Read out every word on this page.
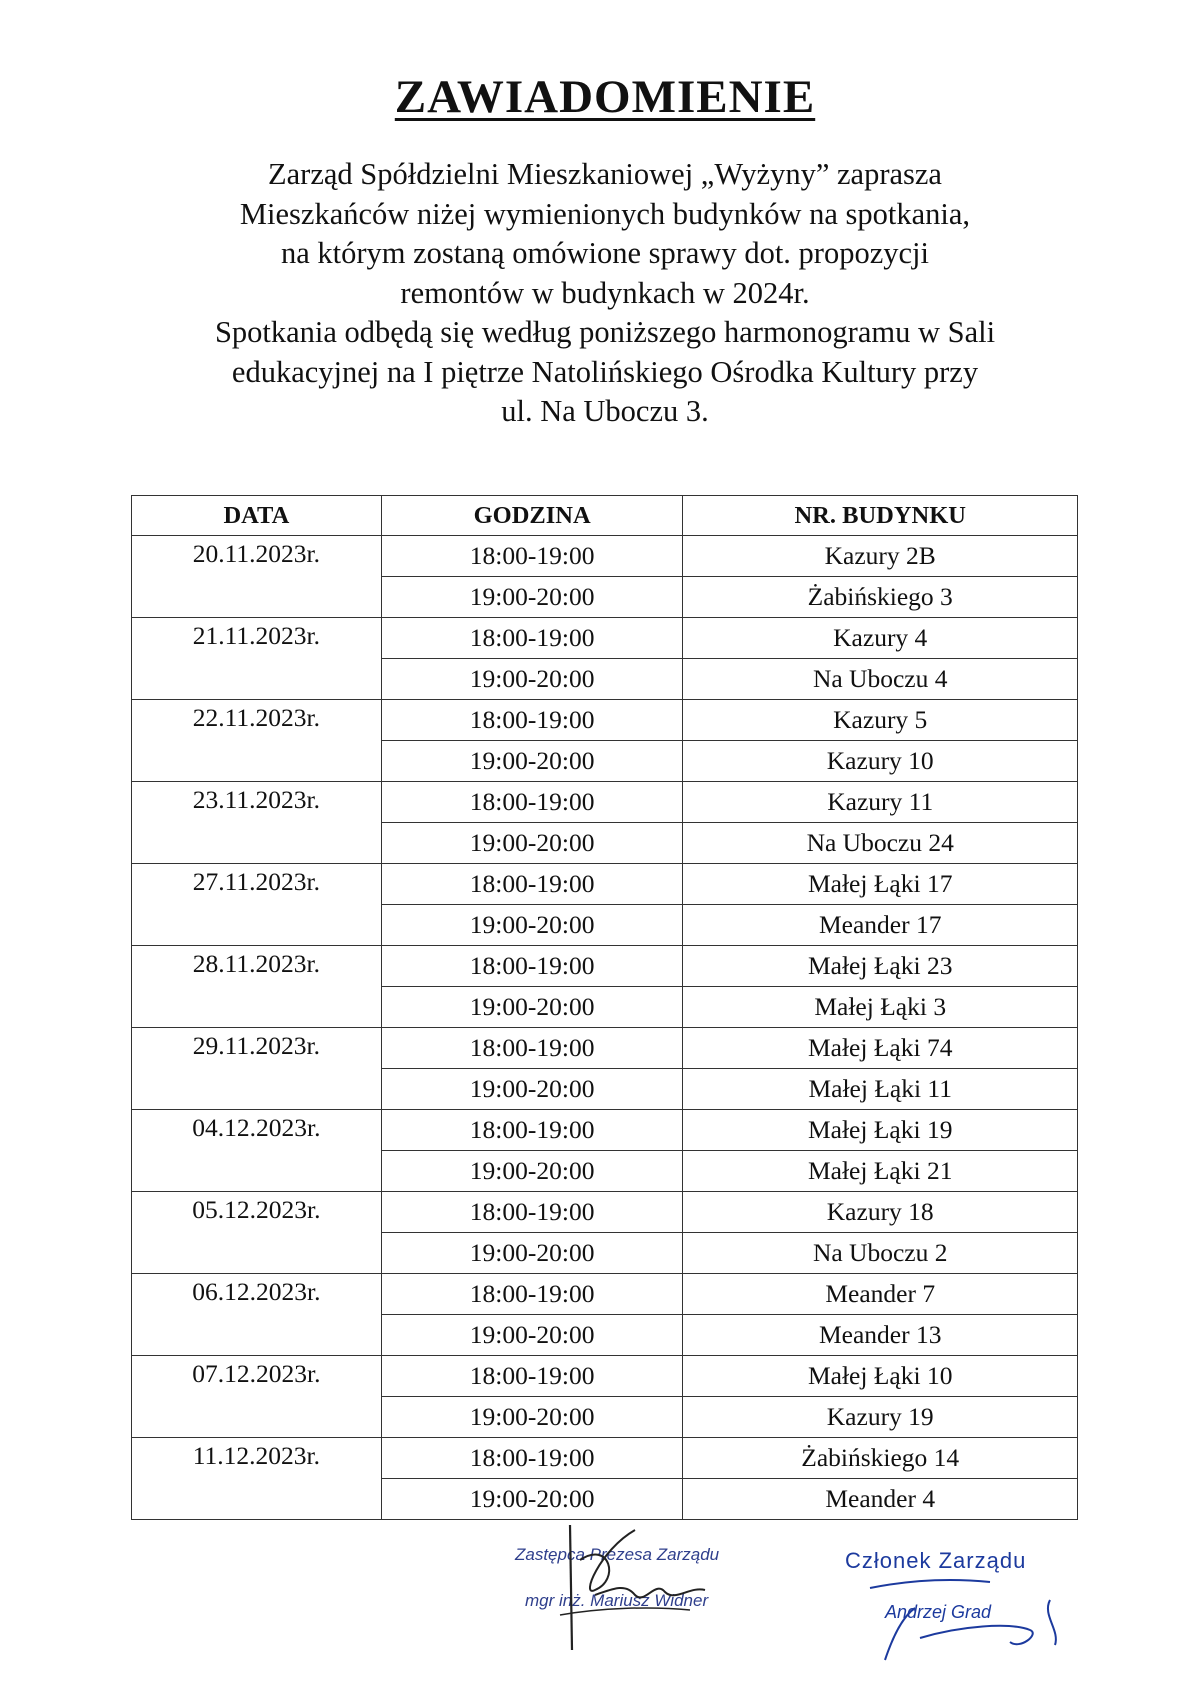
ZAWIADOMIENIE
Zarząd Spółdzielni Mieszkaniowej „Wyżyny” zaprasza
Mieszkańców niżej wymienionych budynków na spotkania,
na którym zostaną omówione sprawy dot. propozycji
remontów w budynkach w 2024r.
Spotkania odbędą się według poniższego harmonogramu w Sali
edukacyjnej na I piętrze Natolińskiego Ośrodka Kultury przy
ul. Na Uboczu 3.
DATA	GODZINA	NR. BUDYNKU
20.11.2023r.	18:00-19:00	Kazury 2B
	19:00-20:00	Żabińskiego 3
21.11.2023r.	18:00-19:00	Kazury 4
	19:00-20:00	Na Uboczu 4
22.11.2023r.	18:00-19:00	Kazury 5
	19:00-20:00	Kazury 10
23.11.2023r.	18:00-19:00	Kazury 11
	19:00-20:00	Na Uboczu 24
27.11.2023r.	18:00-19:00	Małej Łąki 17
	19:00-20:00	Meander 17
28.11.2023r.	18:00-19:00	Małej Łąki 23
	19:00-20:00	Małej Łąki 3
29.11.2023r.	18:00-19:00	Małej Łąki 74
	19:00-20:00	Małej Łąki 11
04.12.2023r.	18:00-19:00	Małej Łąki 19
	19:00-20:00	Małej Łąki 21
05.12.2023r.	18:00-19:00	Kazury 18
	19:00-20:00	Na Uboczu 2
06.12.2023r.	18:00-19:00	Meander 7
	19:00-20:00	Meander 13
07.12.2023r.	18:00-19:00	Małej Łąki 10
	19:00-20:00	Kazury 19
11.12.2023r.	18:00-19:00	Żabińskiego 14
	19:00-20:00	Meander 4
Zastępca Prezesa Zarządu
mgr inż. Mariusz Widner
Członek Zarządu
Andrzej Grad
